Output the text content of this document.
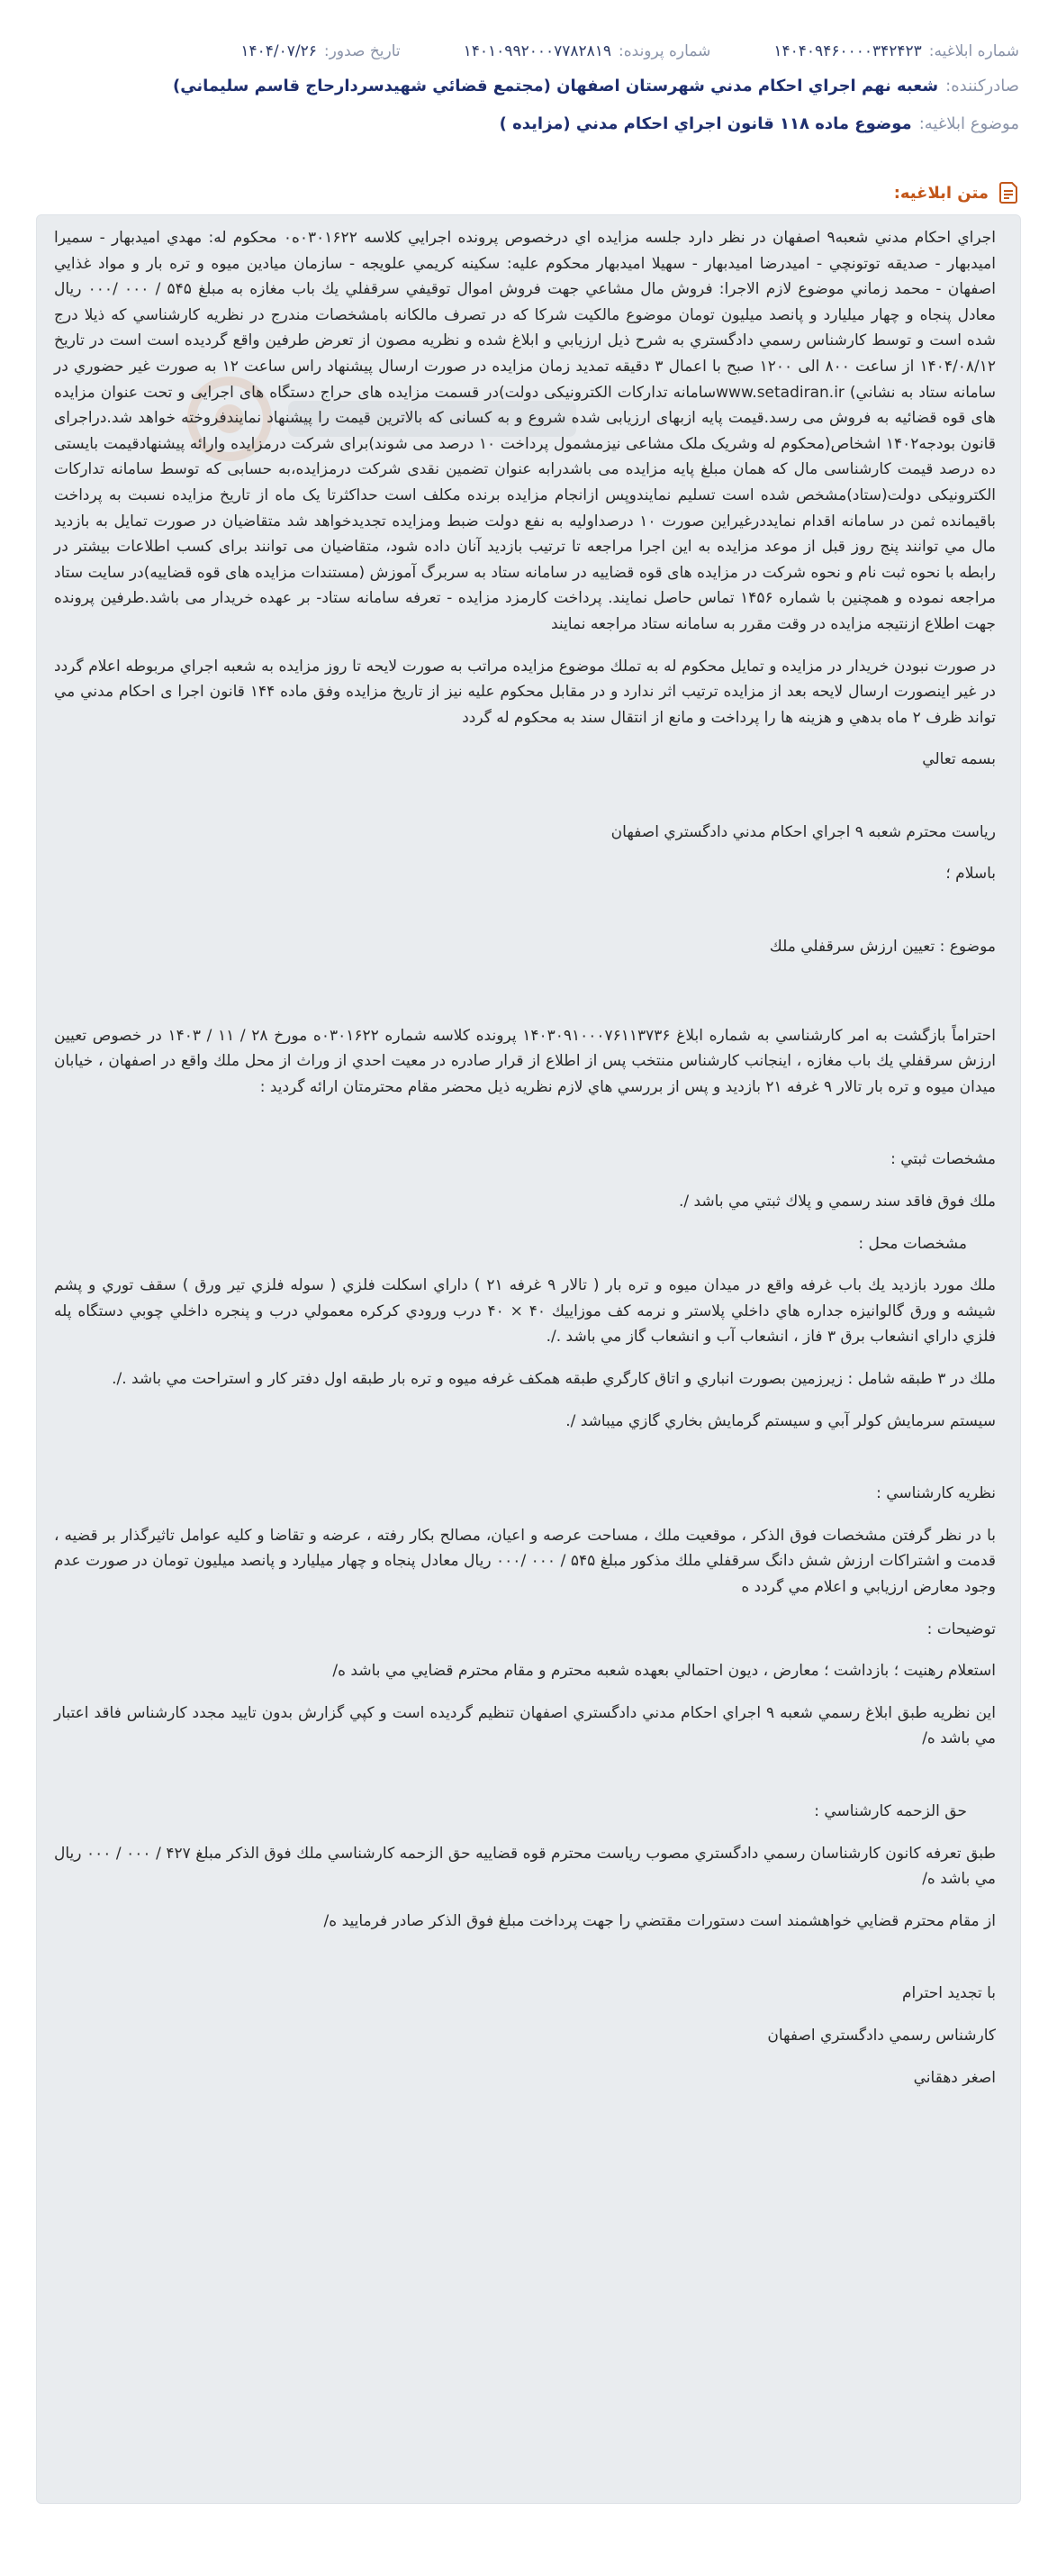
شماره ابلاغیه:۱۴۰۴۰۹۴۶۰۰۰۰۳۴۲۴۲۳
شماره پرونده:۱۴۰۱۰۹۹۲۰۰۰۷۷۸۲۸۱۹
تاریخ صدور:۱۴۰۴/۰۷/۲۶
صادرکننده:
شعبه نهم اجراي احكام مدني شهرستان اصفهان (مجتمع قضائي شهيدسردارحاج قاسم سليماني)
موضوع ابلاغیه:
موضوع ماده ۱۱۸ قانون اجراي احكام مدني (مزايده )
متن ابلاغیه:

اجراي احكام مدني شعبه۹ اصفهان در نظر دارد جلسه مزايده اي درخصوص پرونده اجرايي كلاسه ۰۳۰۱۶۲۲ه۰ محكوم له: مهدي اميدبهار - سميرا اميدبهار - صديقه توتونچي - اميدرضا اميدبهار - سهيلا اميدبهار محكوم عليه: سكينه كريمي علويجه - سازمان ميادين ميوه و تره بار و مواد غذايي اصفهان - محمد زماني موضوع لازم الاجرا: فروش مال مشاعي جهت فروش اموال توقيفي سرقفلي يك باب مغازه به مبلغ ۵۴۵ / ۰۰۰ /۰۰۰ ريال معادل پنجاه و چهار ميليارد و پانصد ميليون تومان موضوع مالكيت شركا كه در تصرف مالكانه بامشخصات مندرج در نظريه كارشناسي كه ذيلا درج شده است و توسط كارشناس رسمي دادگستري به شرح ذيل ارزيابي و ابلاغ شده و نظريه مصون از تعرض طرفين واقع گرديده است است در تاريخ ۱۴۰۴/۰۸/۱۲ از ساعت ۸۰۰ الی ۱۲۰۰ صبح با اعمال ۳ دقیقه تمدید زمان مزایده در صورت ارسال پیشنهاد راس ساعت ۱۲ به صورت غير حضوري در سامانه ستاد به نشاني) www.setadiran.irسامانه تدارکات الکترونیکی دولت)در قسمت مزایده های حراج دستگاه های اجرایی و تحت عنوان مزایده های قوه قضائیه به فروش می رسد.قيمت پايه ازبهاى ارزيابى شده شروع و به كسانى كه بالاترين قيمت را پيشنهاد نمايندفروخته خواهد شد.دراجرای قانون بودجه۱۴۰۲ اشخاص(محکوم له وشریک ملک مشاعی نیزمشمول پرداخت ۱۰ درصد می شوند)برای شرکت درمزایده وارائه پیشنهادقیمت بایستی ده درصد قیمت کارشناسی مال که همان مبلغ پایه مزایده می باشدرابه عنوان تضمین نقدی شرکت درمزایده،به حسابی که توسط سامانه تدارکات الکترونیکی دولت(ستاد)مشخص شده است تسلیم نمایندوپس ازانجام مزایده برنده مکلف است حداکثرتا یک ماه از تاریخ مزایده نسبت به پرداخت باقیمانده ثمن در سامانه اقدام نمایددرغیراین صورت ۱۰ درصداولیه به نفع دولت ضبط ومزایده تجدیدخواهد شد متقاضيان در صورت تمايل به بازديد مال مي توانند پنج روز قبل از موعد مزايده به اين اجرا مراجعه تا ترتيب بازديد آنان داده شود، متقاضیان می توانند برای کسب اطلاعات بیشتر در رابطه با نحوه ثبت نام و نحوه شرکت در مزایده های قوه قضاییه در سامانه ستاد به سربرگ آموزش (مستندات مزایده های قوه قضاییه)در سایت ستاد مراجعه نموده و همچنین با شماره ۱۴۵۶ تماس حاصل نمایند. پرداخت کارمزد مزایده - تعرفه سامانه ستاد- بر عهده خریدار می باشد.طرفين پرونده جهت اطلاع ازنتيجه مزايده در وقت مقرر به سامانه ستاد مراجعه نمايند

در صورت نبودن خريدار در مزايده و تمايل محكوم له به تملك موضوع مزايده مراتب به صورت لايحه تا روز مزايده به شعبه اجراي مربوطه اعلام گردد در غير اينصورت ارسال لايحه بعد از مزايده ترتيب اثر ندارد و در مقابل محكوم عليه نيز از تاريخ مزايده وفق ماده ۱۴۴ قانون اجرا ی احكام مدني مي تواند ظرف ۲ ماه بدهي و هزينه ها را پرداخت و مانع از انتقال سند به محكوم له گردد

بسمه تعالي

رياست محترم شعبه ۹ اجراي احكام مدني دادگستري اصفهان

باسلام ؛

موضوع : تعيين ارزش سرقفلي ملك

احتراماً بازگشت به امر كارشناسي به شماره ابلاغ ۱۴۰۳۰۹۱۰۰۰۷۶۱۱۳۷۳۶ پرونده كلاسه شماره ۰۳۰۱۶۲۲ه مورخ ۲۸ / ۱۱ / ۱۴۰۳ در خصوص تعيين ارزش سرقفلي يك باب مغازه ، اينجانب كارشناس منتخب پس از اطلاع از قرار صادره در معيت احدي از وراث از محل ملك واقع در اصفهان ، خيابان ميدان ميوه و تره بار تالار ۹ غرفه ۲۱ بازديد و پس از بررسي هاي لازم نظريه ذيل محضر مقام محترمتان ارائه گرديد :

مشخصات ثبتي :

ملك فوق فاقد سند رسمي و پلاك ثبتي مي باشد /.

مشخصات محل :

ملك مورد بازديد يك باب غرفه واقع در ميدان ميوه و تره بار ( تالار ۹ غرفه ۲۱ ) داراي اسكلت فلزي ( سوله فلزي تير ورق ) سقف توري و پشم شيشه و ورق گالوانيزه جداره هاي داخلي پلاستر و نرمه كف موزاييك ۴۰ × ۴۰ درب ورودي كركره معمولي درب و پنجره داخلي چوبي دستگاه پله فلزي داراي انشعاب برق ۳ فاز ، انشعاب آب و انشعاب گاز مي باشد ./.

ملك در ۳ طبقه شامل : زيرزمين بصورت انباري و اتاق كارگري طبقه همكف غرفه ميوه و تره بار طبقه اول دفتر كار و استراحت مي باشد ./.

سيستم سرمايش كولر آبي و سيستم گرمايش بخاري گازي ميباشد /.

نظريه كارشناسي :

با در نظر گرفتن مشخصات فوق الذكر ، موقعيت ملك ، مساحت عرصه و اعيان، مصالح بكار رفته ، عرضه و تقاضا و كليه عوامل تاثيرگذار بر قضيه ، قدمت و اشتراكات ارزش شش دانگ سرقفلي ملك مذكور مبلغ ۵۴۵ / ۰۰۰ /۰۰۰ ريال معادل پنجاه و چهار ميليارد و پانصد ميليون تومان در صورت عدم وجود معارض ارزيابي و اعلام مي گردد ه

توضيحات :

استعلام رهنيت ؛ بازداشت ؛ معارض ، ديون احتمالي بعهده شعبه محترم و مقام محترم قضايي مي باشد ه/

اين نظريه طبق ابلاغ رسمي شعبه ۹ اجراي احكام مدني دادگستري اصفهان تنظيم گرديده است و كپي گزارش بدون تاييد مجدد كارشناس فاقد اعتبار مي باشد ه/

حق الزحمه كارشناسي :

طبق تعرفه كانون كارشناسان رسمي دادگستري مصوب رياست محترم قوه قضاييه حق الزحمه كارشناسي ملك فوق الذكر مبلغ ۴۲۷ / ۰۰۰ / ۰۰۰ ريال مي باشد ه/

از مقام محترم قضايي خواهشمند است دستورات مقتضي را جهت پرداخت مبلغ فوق الذكر صادر فرماييد ه/

با تجديد احترام

كارشناس رسمي دادگستري اصفهان

اصغر دهقاني
